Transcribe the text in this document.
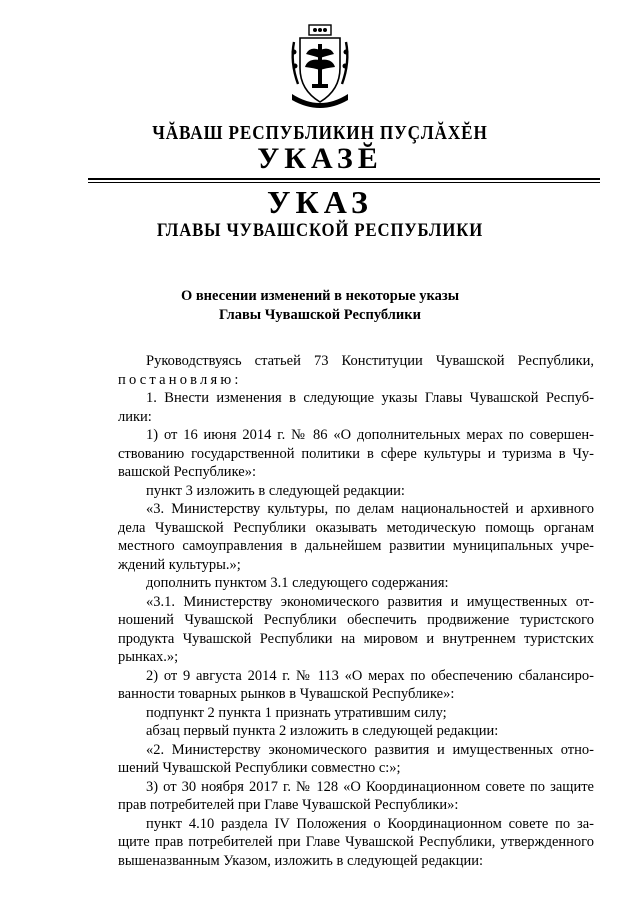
ЧĂВАШ РЕСПУБЛИКИН ПУÇЛĂХĔН
УКАЗĔ
УКАЗ
ГЛАВЫ ЧУВАШСКОЙ РЕСПУБЛИКИ
О внесении изменений в некоторые указы
Главы Чувашской Республики
Руководствуясь статьей 73 Конституции Чувашской Республики,
постановляю:
1. Внести изменения в следующие указы Главы Чувашской Респуб-
лики:
1) от 16 июня 2014 г. № 86 «О дополнительных мерах по совершен-
ствованию государственной политики в сфере культуры и туризма в Чу-
вашской Республике»:
пункт 3 изложить в следующей редакции:
«3. Министерству культуры, по делам национальностей и архивного
дела Чувашской Республики оказывать методическую помощь органам
местного самоуправления в дальнейшем развитии муниципальных учре-
ждений культуры.»;
дополнить пунктом 3.1 следующего содержания:
«3.1. Министерству экономического развития и имущественных от-
ношений Чувашской Республики обеспечить продвижение туристского
продукта Чувашской Республики на мировом и внутреннем туристских
рынках.»;
2) от 9 августа 2014 г. № 113 «О мерах по обеспечению сбалансиро-
ванности товарных рынков в Чувашской Республике»:
подпункт 2 пункта 1 признать утратившим силу;
абзац первый пункта 2 изложить в следующей редакции:
«2. Министерству экономического развития и имущественных отно-
шений Чувашской Республики совместно с:»;
3) от 30 ноября 2017 г. № 128 «О Координационном совете по защите
прав потребителей при Главе Чувашской Республики»:
пункт 4.10 раздела IV Положения о Координационном совете по за-
щите прав потребителей при Главе Чувашской Республики, утвержденного
вышеназванным Указом, изложить в следующей редакции:
